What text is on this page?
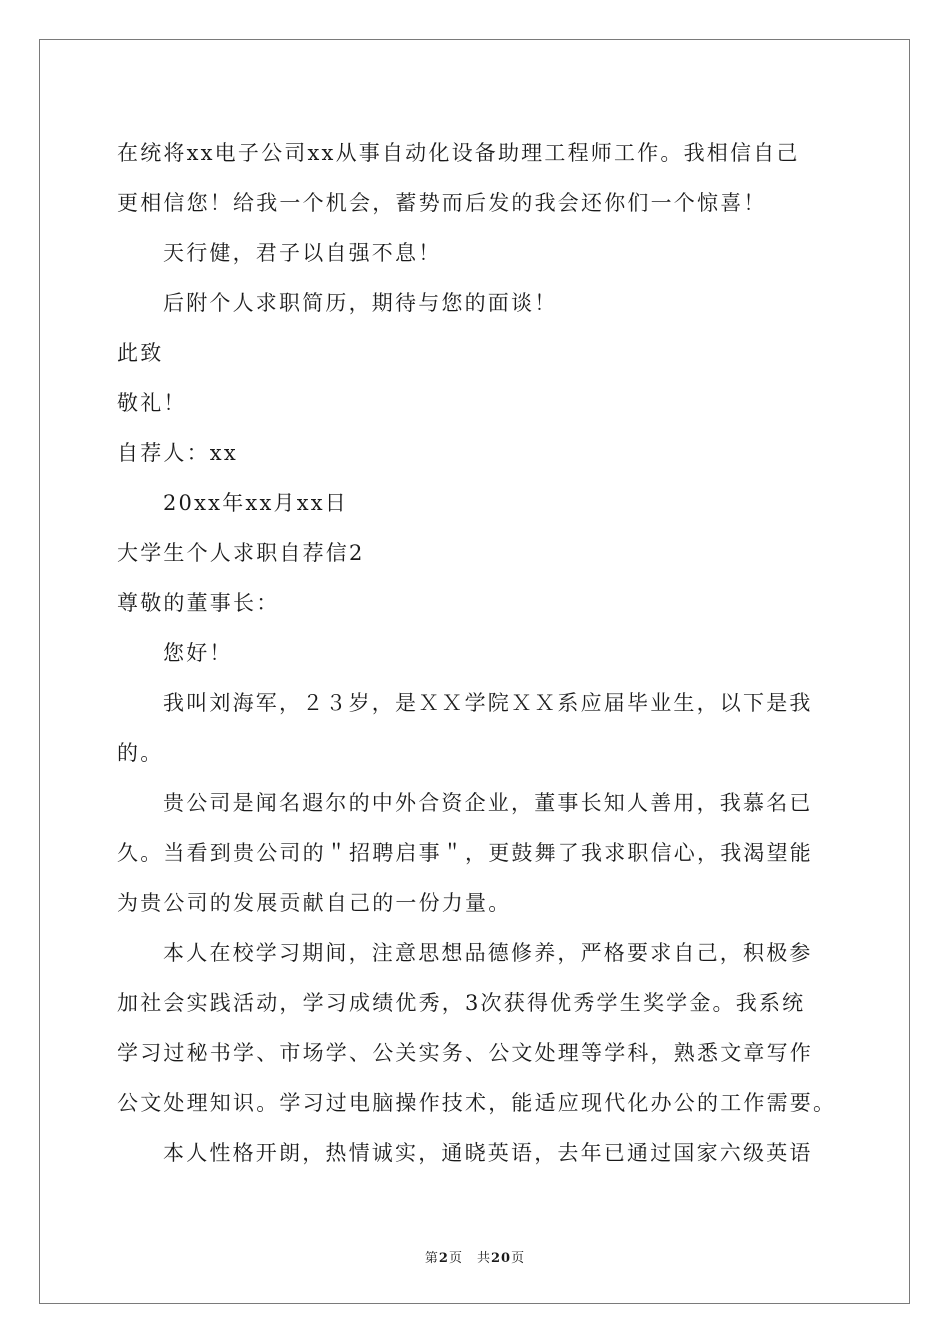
在统将xx电子公司xx从事自动化设备助理工程师工作。我相信自己
更相信您！给我一个机会，蓄势而后发的我会还你们一个惊喜！
天行健，君子以自强不息！
后附个人求职简历，期待与您的面谈！
此致
敬礼！
自荐人：xx
20xx年xx月xx日
大学生个人求职自荐信2
尊敬的董事长：
您好！
我叫刘海军，２３岁，是ＸＸ学院ＸＸ系应届毕业生，以下是我
的。
贵公司是闻名遐尔的中外合资企业，董事长知人善用，我慕名已
久。当看到贵公司的＂招聘启事＂，更鼓舞了我求职信心，我渴望能
为贵公司的发展贡献自己的一份力量。
本人在校学习期间，注意思想品德修养，严格要求自己，积极参
加社会实践活动，学习成绩优秀，3次获得优秀学生奖学金。我系统
学习过秘书学、市场学、公关实务、公文处理等学科，熟悉文章写作
公文处理知识。学习过电脑操作技术，能适应现代化办公的工作需要。
本人性格开朗，热情诚实，通晓英语，去年已通过国家六级英语
第2页　共20页
